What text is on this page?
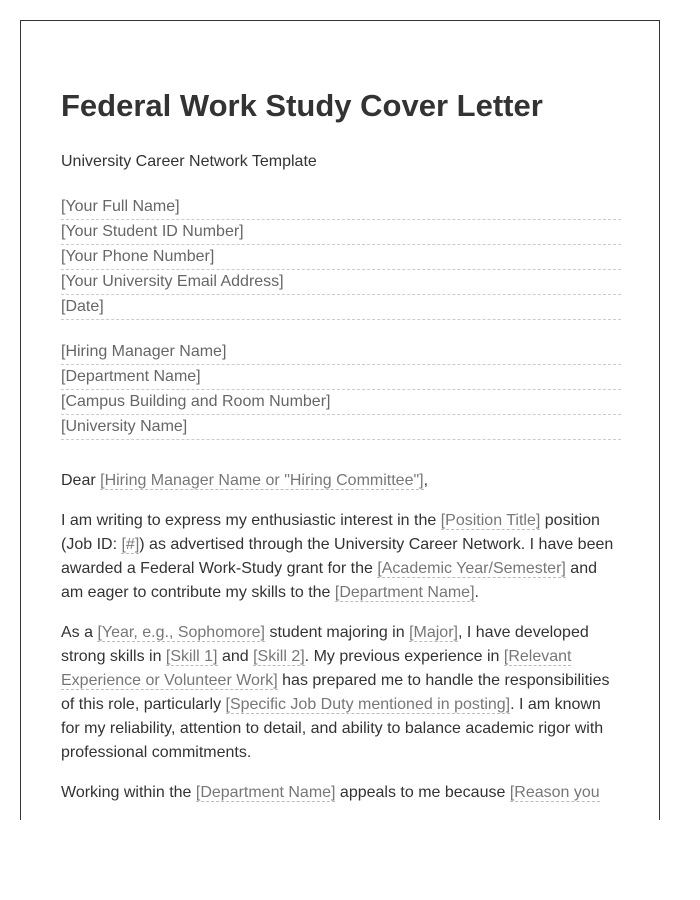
Federal Work Study Cover Letter
University Career Network Template
[Your Full Name]
[Your Student ID Number]
[Your Phone Number]
[Your University Email Address]
[Date]
[Hiring Manager Name]
[Department Name]
[Campus Building and Room Number]
[University Name]

Dear [Hiring Manager Name or "Hiring Committee"],

I am writing to express my enthusiastic interest in the [Position Title] position (Job ID: [#]) as advertised through the University Career Network. I have been awarded a Federal Work-Study grant for the [Academic Year/Semester] and am eager to contribute my skills to the [Department Name].

As a [Year, e.g., Sophomore] student majoring in [Major], I have developed strong skills in [Skill 1] and [Skill 2]. My previous experience in [Relevant Experience or Volunteer Work] has prepared me to handle the responsibilities of this role, particularly [Specific Job Duty mentioned in posting]. I am known for my reliability, attention to detail, and ability to balance academic rigor with professional commitments.

Working within the [Department Name] appeals to me because [Reason you
